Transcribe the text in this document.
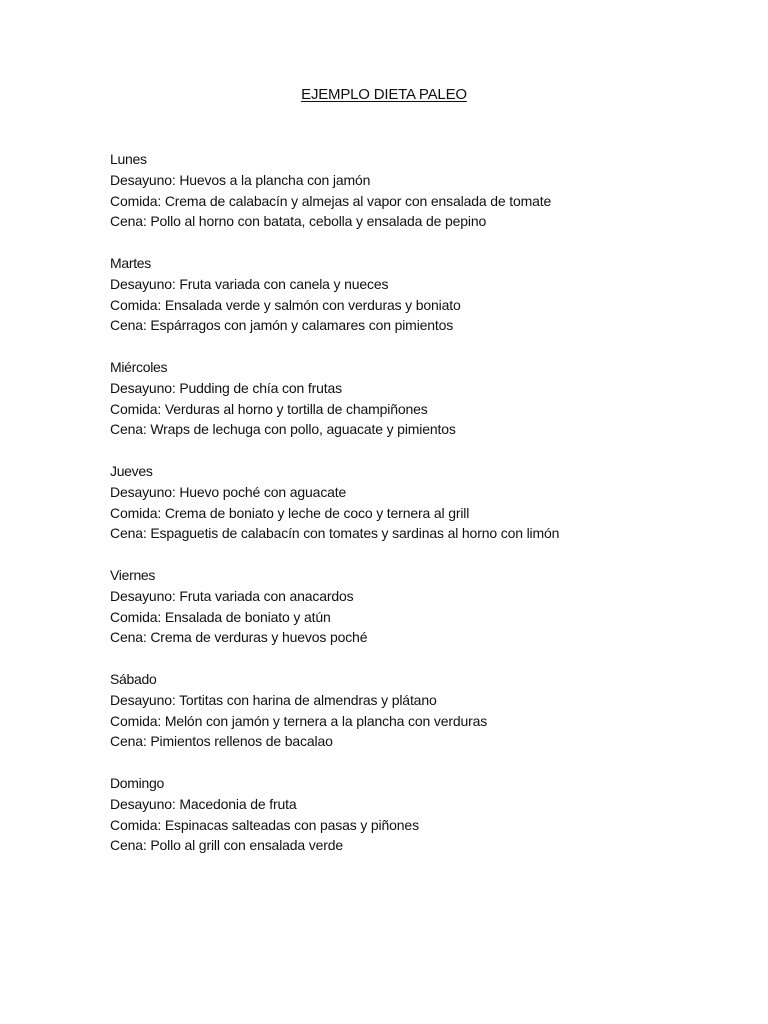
EJEMPLO DIETA PALEO
Lunes
Desayuno: Huevos a la plancha con jamón
Comida: Crema de calabacín y almejas al vapor con ensalada de tomate
Cena: Pollo al horno con batata, cebolla y ensalada de pepino
Martes
Desayuno: Fruta variada con canela y nueces
Comida: Ensalada verde y salmón con verduras y boniato
Cena: Espárragos con jamón y calamares con pimientos
Miércoles
Desayuno: Pudding de chía con frutas
Comida: Verduras al horno y tortilla de champiñones
Cena: Wraps de lechuga con pollo, aguacate y pimientos
Jueves
Desayuno: Huevo poché con aguacate
Comida: Crema de boniato y leche de coco y ternera al grill
Cena: Espaguetis de calabacín con tomates y sardinas al horno con limón
Viernes
Desayuno: Fruta variada con anacardos
Comida: Ensalada de boniato y atún
Cena: Crema de verduras y huevos poché
Sábado
Desayuno: Tortitas con harina de almendras y plátano
Comida: Melón con jamón y ternera a la plancha con verduras
Cena: Pimientos rellenos de bacalao
Domingo
Desayuno: Macedonia de fruta
Comida: Espinacas salteadas con pasas y piñones
Cena: Pollo al grill con ensalada verde
